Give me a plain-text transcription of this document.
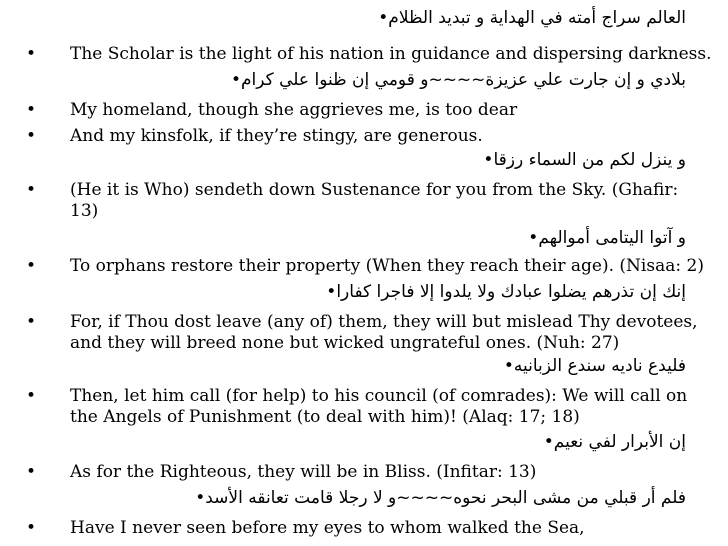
العالم سراج أمته في الهداية و تبديد الظلام•
• The Scholar is the light of his nation in guidance and dispersing darkness.
بلادي و إن جارت علي عزيزة~~~~و قومي إن ظنوا علي كرام•
• My homeland, though she aggrieves me, is too dear
• And my kinsfolk, if they’re stingy, are generous.
و ينزل لكم من السماء رزقا•
• (He it is Who) sendeth down Sustenance for you from the Sky. (Ghafir: 13)
و آتوا اليتامى أموالهم•
• To orphans restore their property (When they reach their age). (Nisaa: 2)
إنك إن تذرهم يضلوا عبادك ولا يلدوا إلا فاجرا كفارا•
• For, if Thou dost leave (any of) them, they will but mislead Thy devotees, and they will breed none but wicked ungrateful ones. (Nuh: 27)
فليدع ناديه سندع الزبانيه•
• Then, let him call (for help) to his council (of comrades): We will call on the Angels of Punishment (to deal with him)! (Alaq: 17; 18)
إن الأبرار لفي نعيم•
• As for the Righteous, they will be in Bliss. (Infitar: 13)
فلم أر قبلي من مشى البحر نحوه~~~~و لا رجلا قامت تعانقه الأسد•
• Have I never seen before my eyes to whom walked the Sea,
